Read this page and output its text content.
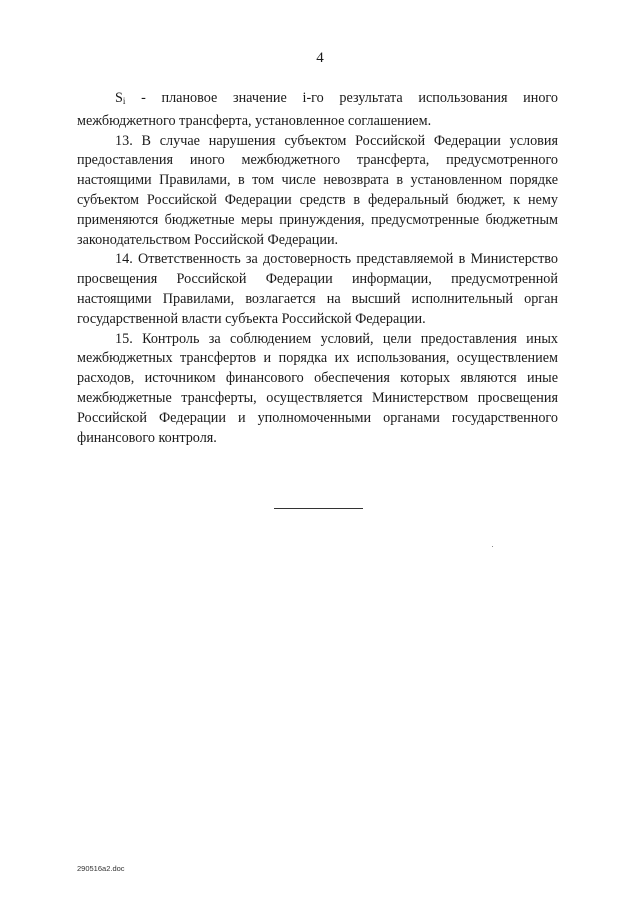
4

$S_i$ - плановое значение i-го результата использования иного межбюджетного трансферта, установленное соглашением.

13. В случае нарушения субъектом Российской Федерации условия предоставления иного межбюджетного трансферта, предусмотренного настоящими Правилами, в том числе невозврата в установленном порядке субъектом Российской Федерации средств в федеральный бюджет, к нему применяются бюджетные меры принуждения, предусмотренные бюджетным законодательством Российской Федерации.

14. Ответственность за достоверность представляемой в Министерство просвещения Российской Федерации информации, предусмотренной настоящими Правилами, возлагается на высший исполнительный орган государственной власти субъекта Российской Федерации.

15. Контроль за соблюдением условий, цели предоставления иных межбюджетных трансфертов и порядка их использования, осуществлением расходов, источником финансового обеспечения которых являются иные межбюджетные трансферты, осуществляется Министерством просвещения Российской Федерации и уполномоченными органами государственного финансового контроля.

290516a2.doc
